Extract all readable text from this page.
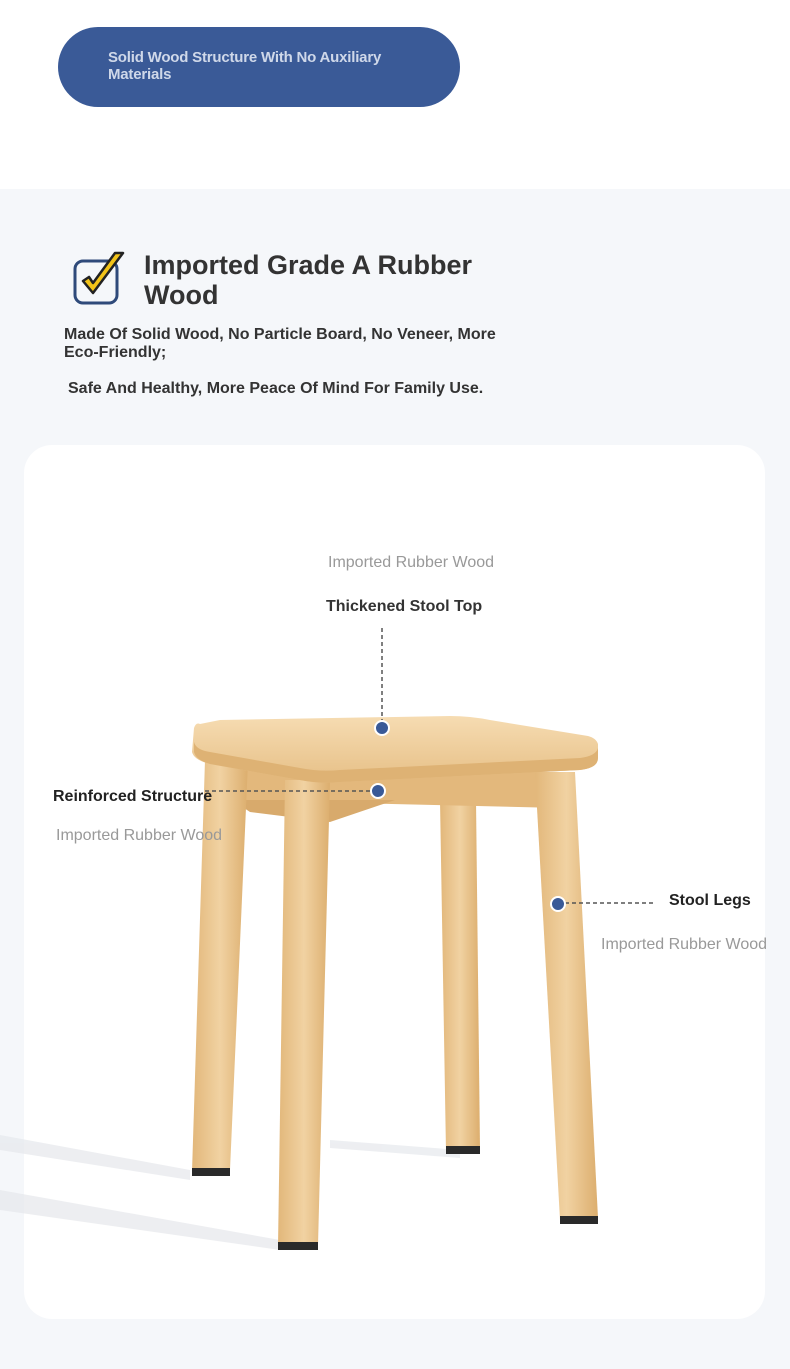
Solid Wood Structure With No Auxiliary Materials
Imported Grade A Rubber Wood
Made Of Solid Wood, No Particle Board, No Veneer, More Eco-Friendly;
Safe And Healthy, More Peace Of Mind For Family Use.
Imported Rubber Wood
Thickened Stool Top
Reinforced Structure
Imported Rubber Wood
Stool Legs
Imported Rubber Wood
